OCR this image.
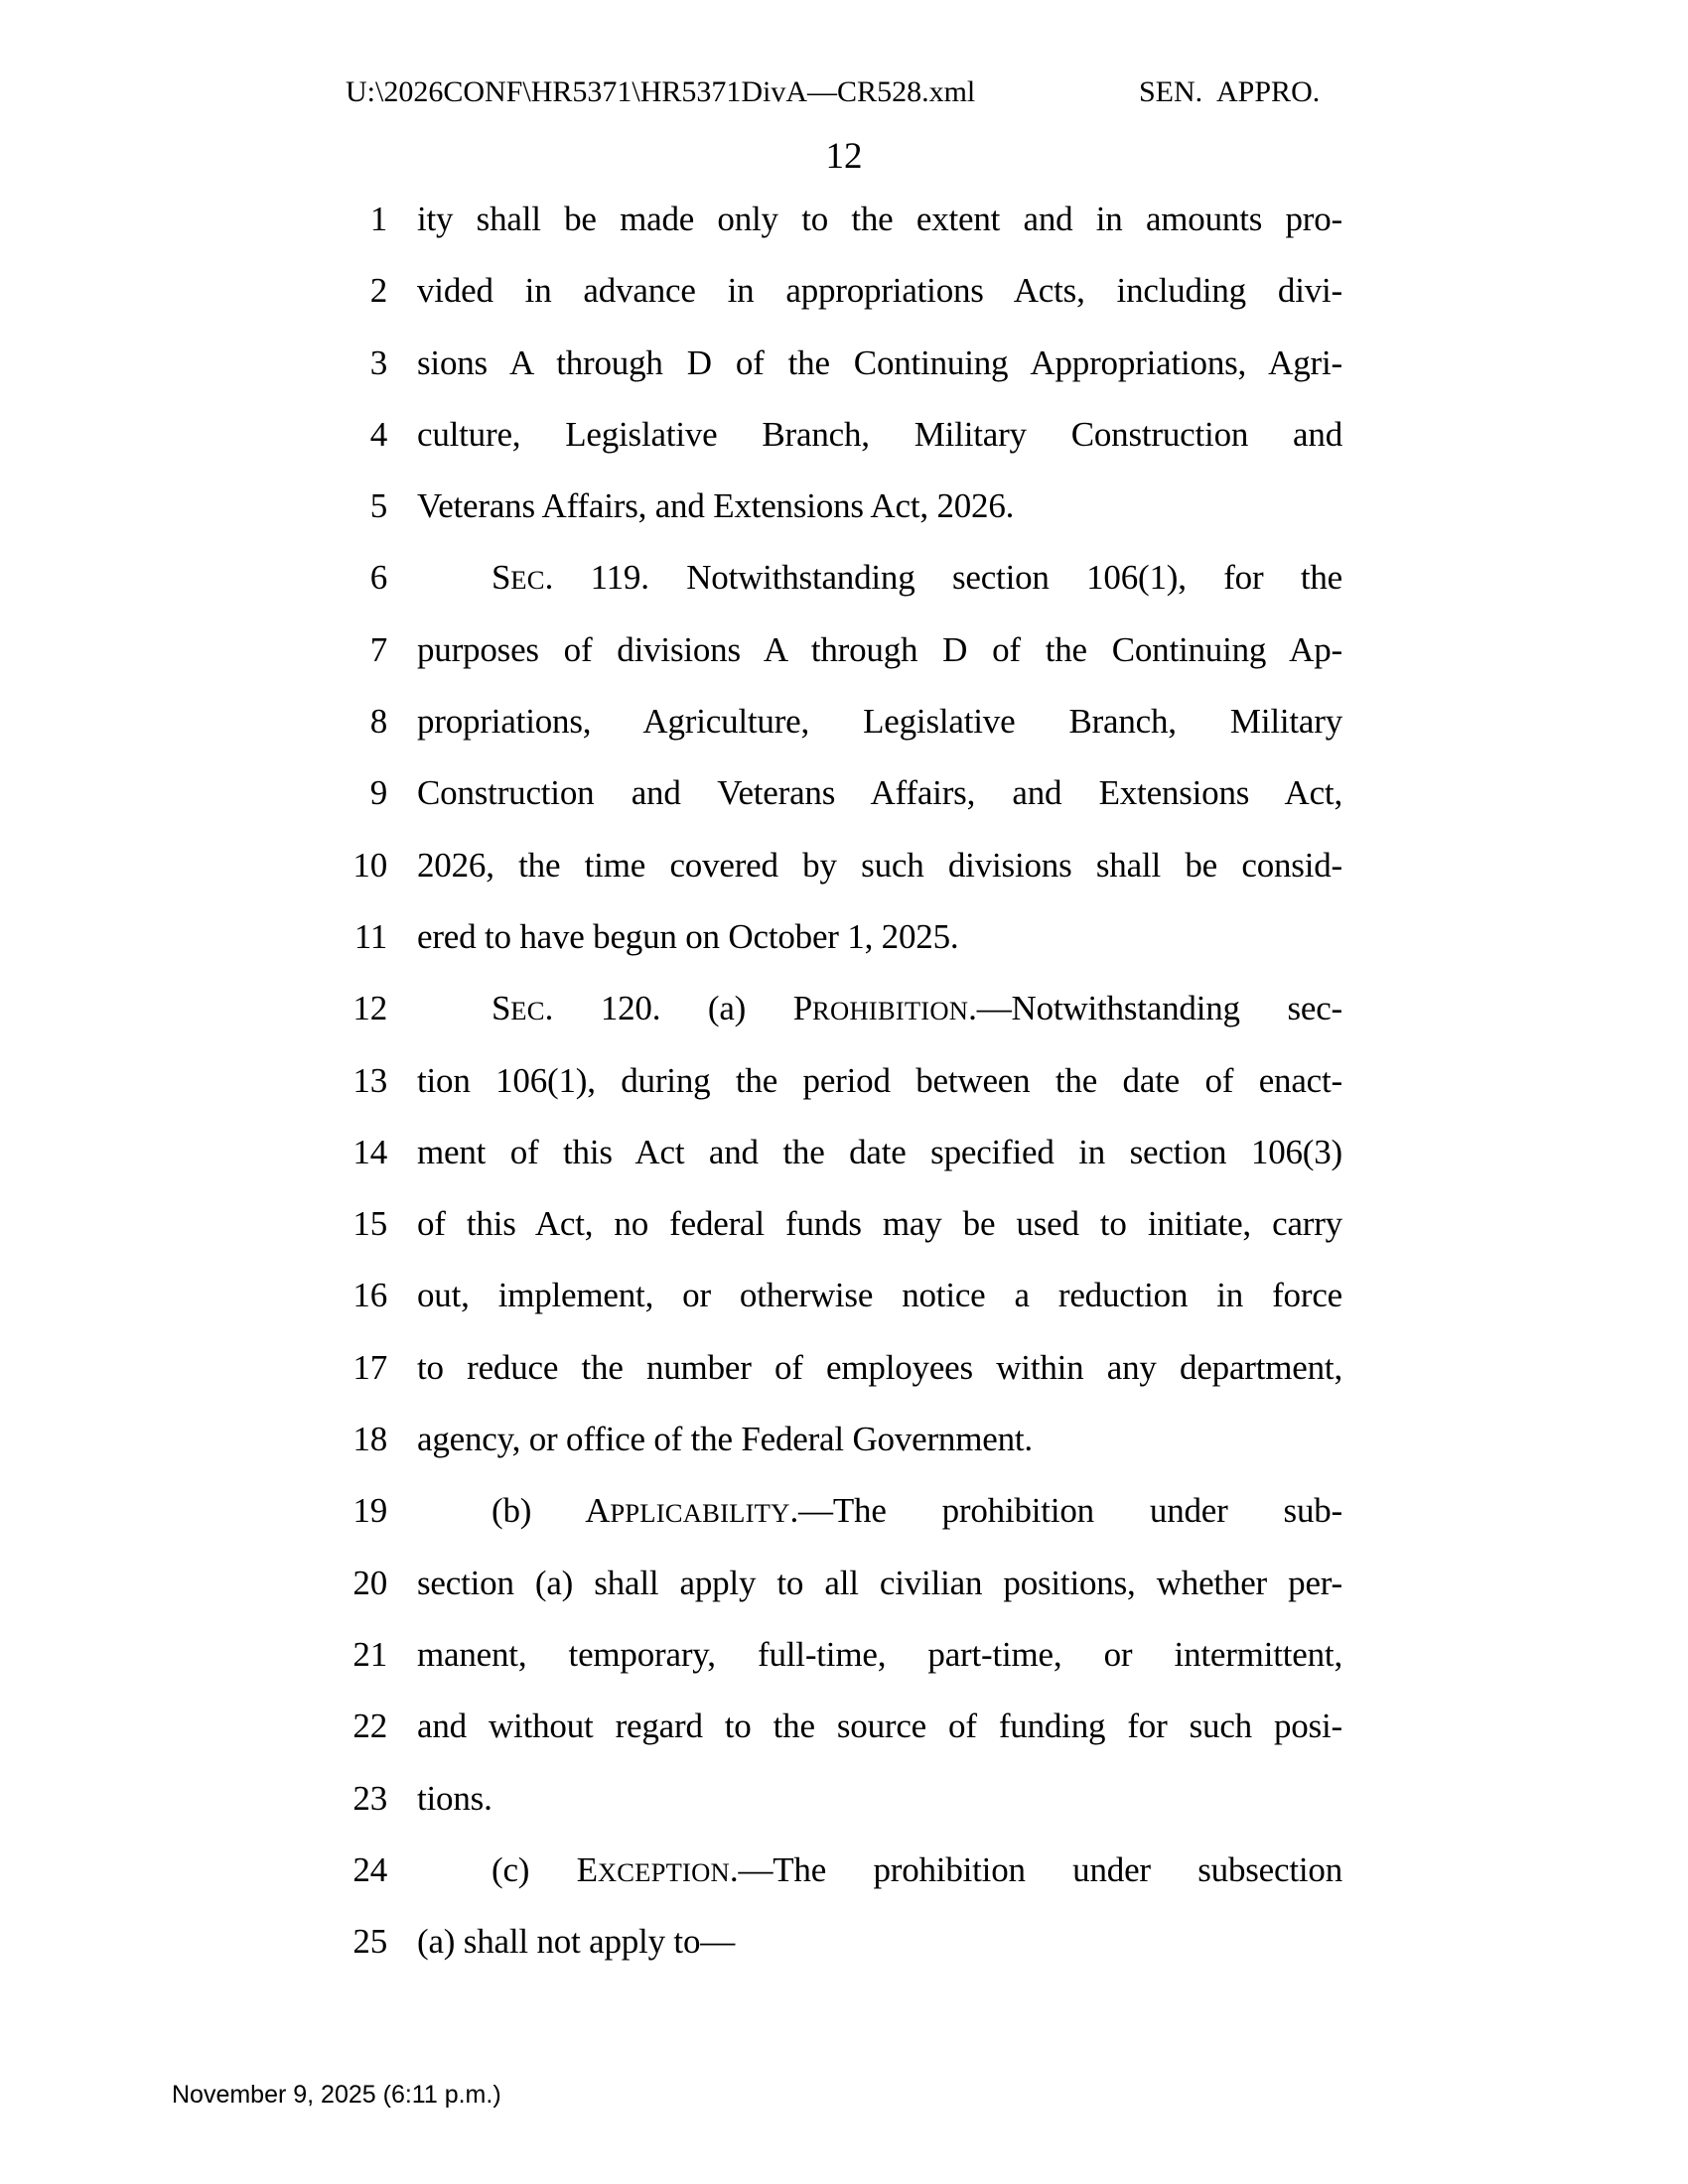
U:\2026CONF\HR5371\HR5371DivA—CR528.xml	SEN. APPRO.
12
1 ity shall be made only to the extent and in amounts pro-
2 vided in advance in appropriations Acts, including divi-
3 sions A through D of the Continuing Appropriations, Agri-
4 culture, Legislative Branch, Military Construction and
5 Veterans Affairs, and Extensions Act, 2026.
6	SEC. 119. Notwithstanding section 106(1), for the
7 purposes of divisions A through D of the Continuing Ap-
8 propriations, Agriculture, Legislative Branch, Military
9 Construction and Veterans Affairs, and Extensions Act,
10 2026, the time covered by such divisions shall be consid-
11 ered to have begun on October 1, 2025.
12	SEC. 120. (a) PROHIBITION.—Notwithstanding sec-
13 tion 106(1), during the period between the date of enact-
14 ment of this Act and the date specified in section 106(3)
15 of this Act, no federal funds may be used to initiate, carry
16 out, implement, or otherwise notice a reduction in force
17 to reduce the number of employees within any department,
18 agency, or office of the Federal Government.
19	(b) APPLICABILITY.—The prohibition under sub-
20 section (a) shall apply to all civilian positions, whether per-
21 manent, temporary, full-time, part-time, or intermittent,
22 and without regard to the source of funding for such posi-
23 tions.
24	(c) EXCEPTION.—The prohibition under subsection
25 (a) shall not apply to—
November 9, 2025 (6:11 p.m.)
